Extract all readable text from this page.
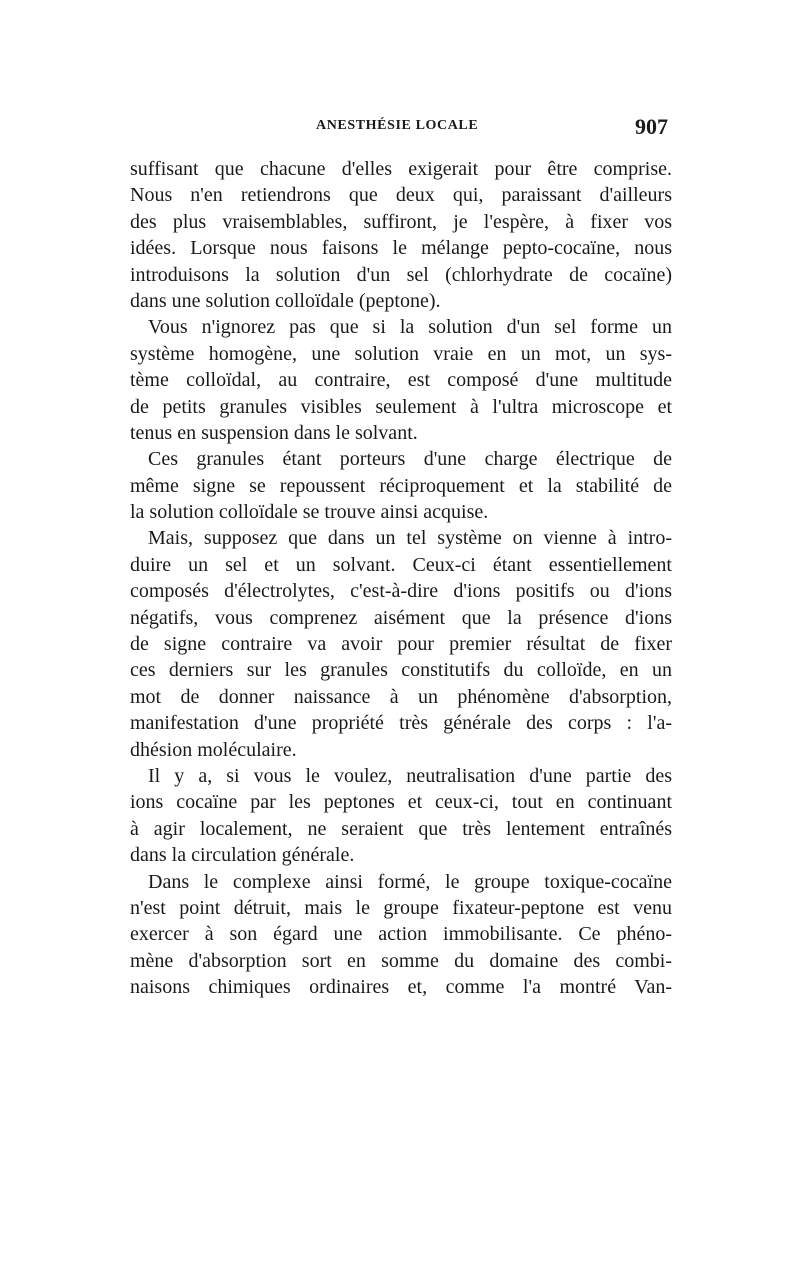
ANESTHÉSIE LOCALE	907
suffisant que chacune d'elles exigerait pour être comprise.
Nous n'en retiendrons que deux qui, paraissant d'ailleurs
des plus vraisemblables, suffiront, je l'espère, à fixer vos
idées. Lorsque nous faisons le mélange pepto-cocaïne, nous
introduisons la solution d'un sel (chlorhydrate de cocaïne)
dans une solution colloïdale (peptone).
Vous n'ignorez pas que si la solution d'un sel forme un
système homogène, une solution vraie en un mot, un sys-
tème colloïdal, au contraire, est composé d'une multitude
de petits granules visibles seulement à l'ultra microscope et
tenus en suspension dans le solvant.
Ces granules étant porteurs d'une charge électrique de
même signe se repoussent réciproquement et la stabilité de
la solution colloïdale se trouve ainsi acquise.
Mais, supposez que dans un tel système on vienne à intro-
duire un sel et un solvant. Ceux-ci étant essentiellement
composés d'électrolytes, c'est-à-dire d'ions positifs ou d'ions
négatifs, vous comprenez aisément que la présence d'ions
de signe contraire va avoir pour premier résultat de fixer
ces derniers sur les granules constitutifs du colloïde, en un
mot de donner naissance à un phénomène d'absorption,
manifestation d'une propriété très générale des corps : l'a-
dhésion moléculaire.
Il y a, si vous le voulez, neutralisation d'une partie des
ions cocaïne par les peptones et ceux-ci, tout en continuant
à agir localement, ne seraient que très lentement entraînés
dans la circulation générale.
Dans le complexe ainsi formé, le groupe toxique-cocaïne
n'est point détruit, mais le groupe fixateur-peptone est venu
exercer à son égard une action immobilisante. Ce phéno-
mène d'absorption sort en somme du domaine des combi-
naisons chimiques ordinaires et, comme l'a montré Van-
